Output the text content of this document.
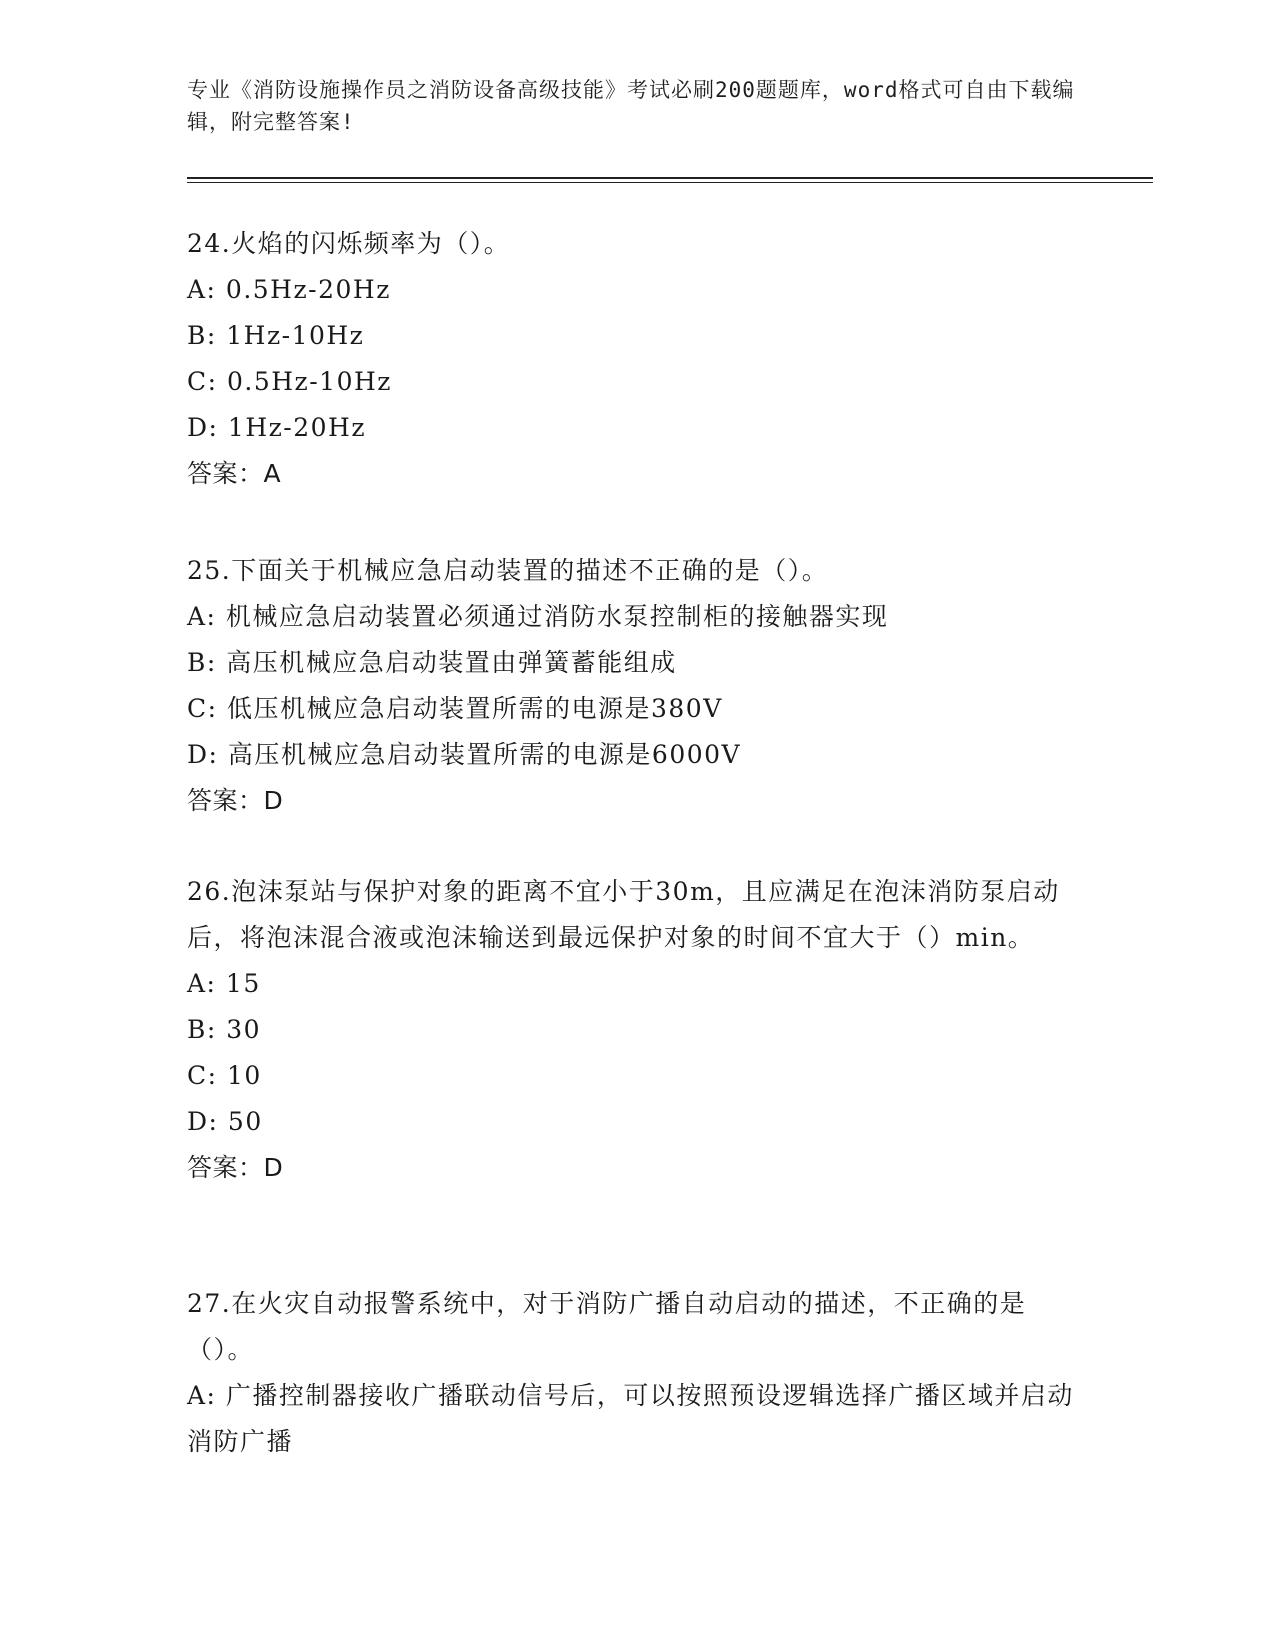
专业《消防设施操作员之消防设备高级技能》考试必刷200题题库，word格式可自由下载编辑，附完整答案!

24.火焰的闪烁频率为（）。

A: 0.5Hz-20Hz

B: 1Hz-10Hz

C: 0.5Hz-10Hz

D: 1Hz-20Hz

答案：A

25.下面关于机械应急启动装置的描述不正确的是（）。

A: 机械应急启动装置必须通过消防水泵控制柜的接触器实现

B: 高压机械应急启动装置由弹簧蓄能组成

C: 低压机械应急启动装置所需的电源是380V

D: 高压机械应急启动装置所需的电源是6000V

答案：D

26.泡沫泵站与保护对象的距离不宜小于30m，且应满足在泡沫消防泵启动后，将泡沫混合液或泡沫输送到最远保护对象的时间不宜大于（）min。

A: 15

B: 30

C: 10

D: 50

答案：D

27.在火灾自动报警系统中，对于消防广播自动启动的描述，不正确的是（）。

A: 广播控制器接收广播联动信号后，可以按照预设逻辑选择广播区域并启动消防广播
